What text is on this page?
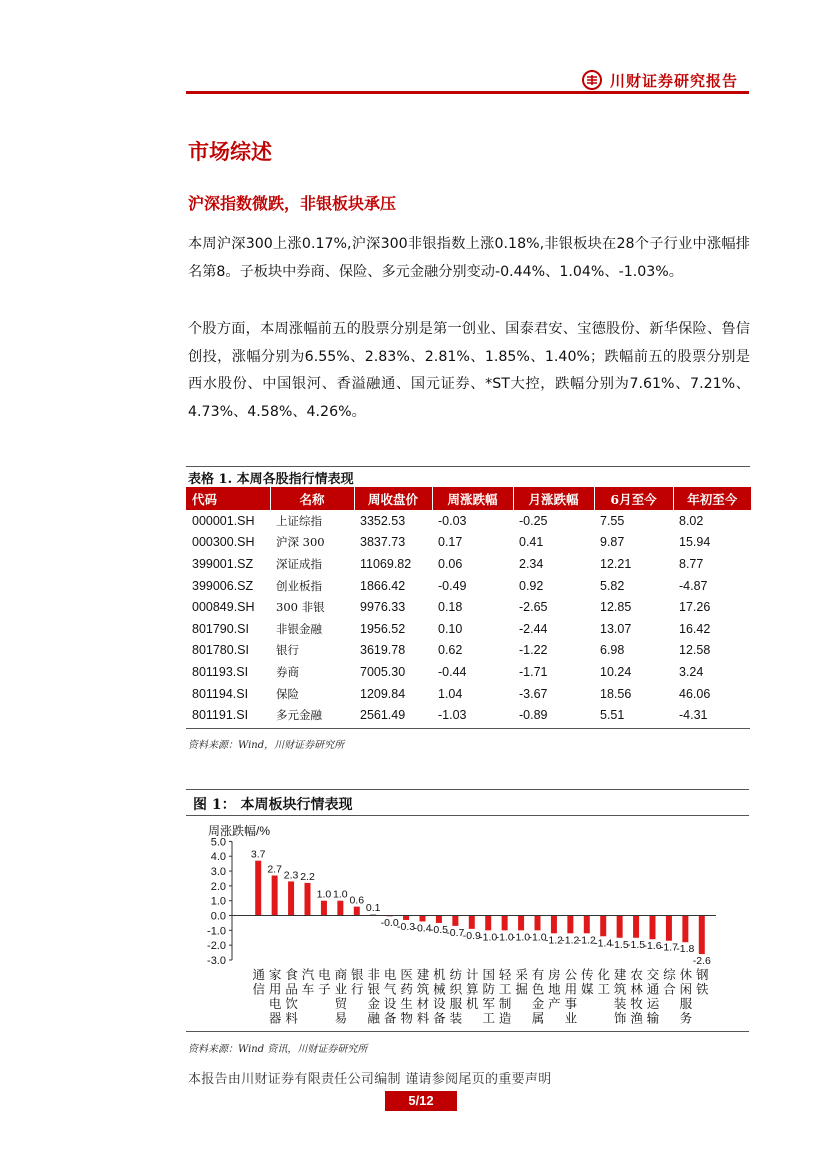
川财证券研究报告
市场综述
沪深指数微跌，非银板块承压

本周沪深300上涨0.17%,沪深300非银指数上涨0.18%,非银板块在28个子行业中涨幅排名第8。子板块中券商、保险、多元金融分别变动-0.44%、1.04%、-1.03%。

个股方面，本周涨幅前五的股票分别是第一创业、国泰君安、宝德股份、新华保险、鲁信创投，涨幅分别为6.55%、2.83%、2.81%、1.85%、1.40%；跌幅前五的股票分别是西水股份、中国银河、香溢融通、国元证券、*ST大控，跌幅分别为7.61%、7.21%、4.73%、4.58%、4.26%。

表格 1. 本周各股指行情表现
代码	名称	周收盘价	周涨跌幅	月涨跌幅	6月至今	年初至今
000001.SH	上证综指	3352.53	-0.03	-0.25	7.55	8.02
000300.SH	沪深 300	3837.73	0.17	0.41	9.87	15.94
399001.SZ	深证成指	11069.82	0.06	2.34	12.21	8.77
399006.SZ	创业板指	1866.42	-0.49	0.92	5.82	-4.87
000849.SH	300 非银	9976.33	0.18	-2.65	12.85	17.26
801790.SI	非银金融	1956.52	0.10	-2.44	13.07	16.42
801780.SI	银行	3619.78	0.62	-1.22	6.98	12.58
801193.SI	券商	7005.30	-0.44	-1.71	10.24	3.24
801194.SI	保险	1209.84	1.04	-3.67	18.56	46.06
801191.SI	多元金融	2561.49	-1.03	-0.89	5.51	-4.31
资料来源：Wind，川财证券研究所
图 1： 本周板块行情表现
周涨跌幅/%
5.0
4.0
3.0
2.0
1.0
0.0
-1.0
-2.0
-3.0
3.7
2.7 2.3 2.2
1.0 1.0 0.6
0.1
-0.0
-0.3
-0.4
-0.5
-0.7
-0.9
-1.0
-1.0
-1.0
-1.0
-1.2
-1.2
-1.2
-1.4
-1.5
-1.5
-1.6
-1.7
-1.8
-2.6
通信 家用电器 食品饮料 汽车 电子 商业贸易 银行 非银金融 电气设备 医药生物 建筑材料 机械设备 纺织服装 计算机 国防军工 轻工制造 采掘 有色金属 房地产 公用事业 传媒 化工 建筑装饰 农林牧渔 交通运输 综合 休闲服务 钢铁
资料来源：Wind 资讯，川财证券研究所
本报告由川财证券有限责任公司编制 谨请参阅尾页的重要声明
5/12
